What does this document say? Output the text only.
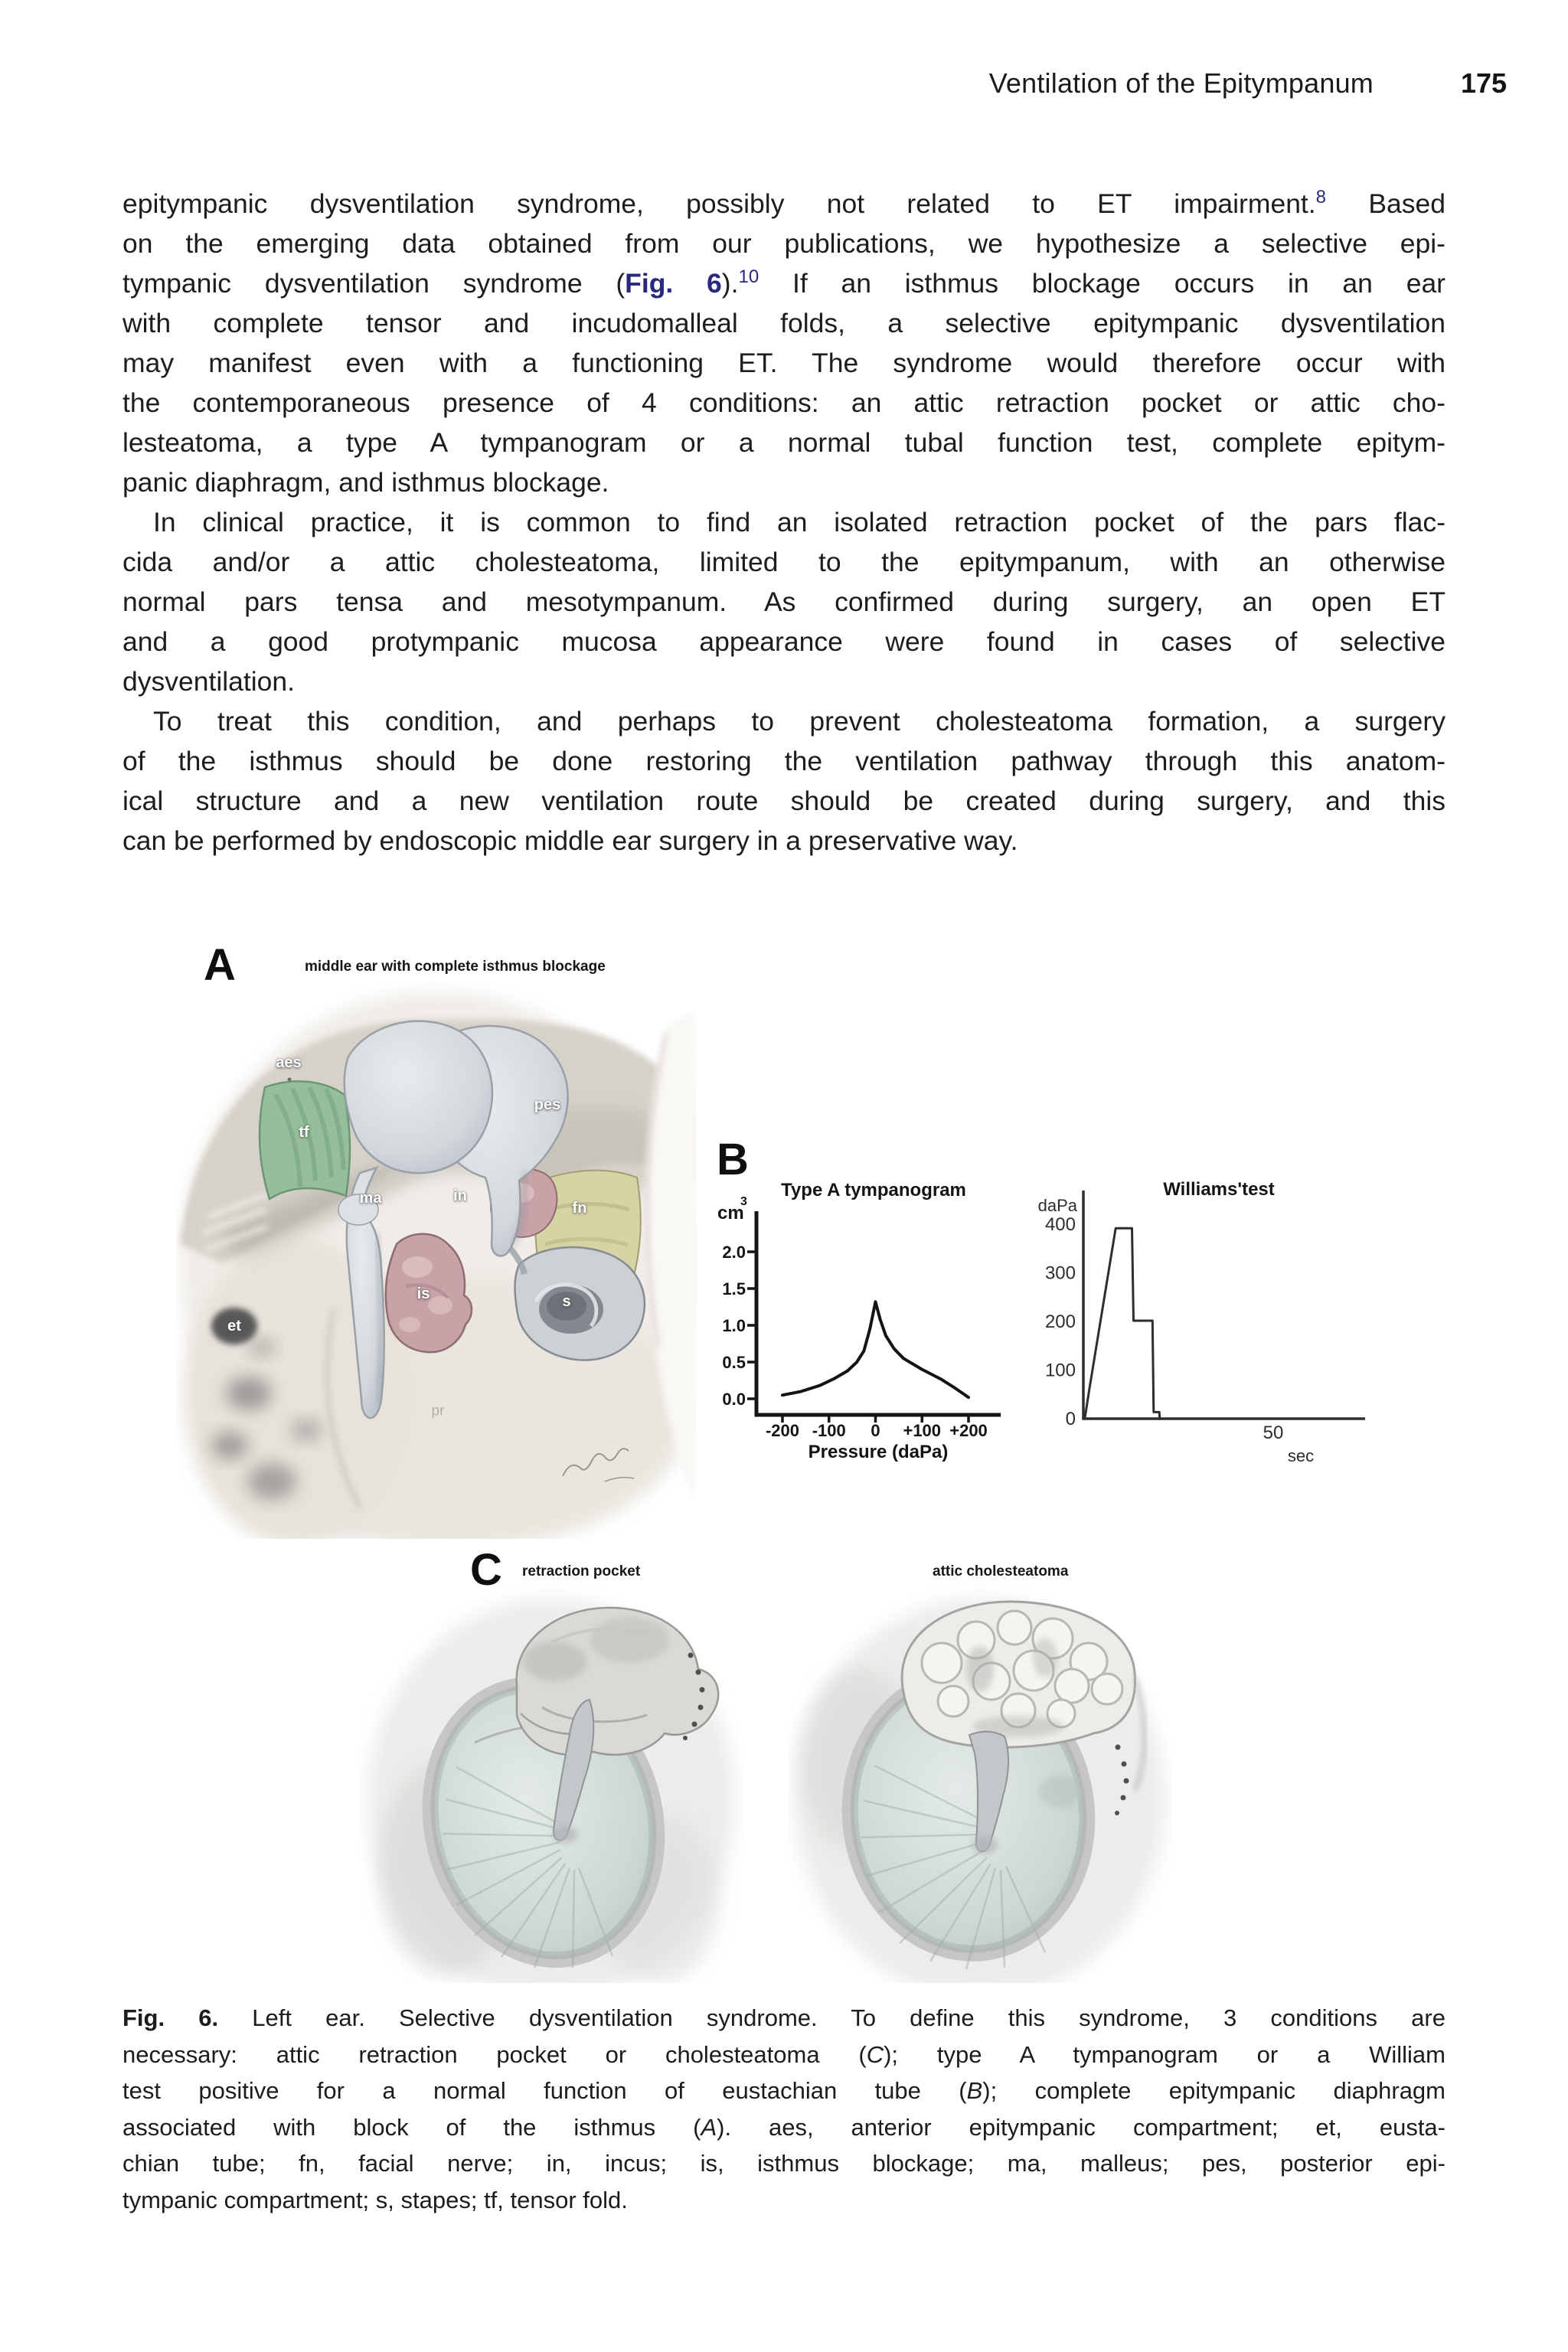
Ventilation of the Epitympanum	175
epitympanic dysventilation syndrome, possibly not related to ET impairment.$^8$ Based
on the emerging data obtained from our publications, we hypothesize a selective epi-
tympanic dysventilation syndrome (Fig. 6).$^{10}$ If an isthmus blockage occurs in an ear
with complete tensor and incudomalleal folds, a selective epitympanic dysventilation
may manifest even with a functioning ET. The syndrome would therefore occur with
the contemporaneous presence of 4 conditions: an attic retraction pocket or attic cho-
lesteatoma, a type A tympanogram or a normal tubal function test, complete epitym-
panic diaphragm, and isthmus blockage.
In clinical practice, it is common to find an isolated retraction pocket of the pars flac-
cida and/or a attic cholesteatoma, limited to the epitympanum, with an otherwise
normal pars tensa and mesotympanum. As confirmed during surgery, an open ET
and a good protympanic mucosa appearance were found in cases of selective
dysventilation.
To treat this condition, and perhaps to prevent cholesteatoma formation, a surgery
of the isthmus should be done restoring the ventilation pathway through this anatom-
ical structure and a new ventilation route should be created during surgery, and this
can be performed by endoscopic middle ear surgery in a preservative way.
A	middle ear with complete isthmus blockage
B
0.0
0.5
1.0
1.5
2.0
-200 -100 0 +100 +200
Type A tympanogram
Pressure (daPa)
cm
3
0
100
200
300
400
50
Williams'test
sec
daPa
C retraction pocket	attic cholesteatoma
Fig. 6. Left ear. Selective dysventilation syndrome. To define this syndrome, 3 conditions are
necessary: attic retraction pocket or cholesteatoma (C); type A tympanogram or a William
test positive for a normal function of eustachian tube (B); complete epitympanic diaphragm
associated with block of the isthmus (A). aes, anterior epitympanic compartment; et, eusta-
chian tube; fn, facial nerve; in, incus; is, isthmus blockage; ma, malleus; pes, posterior epi-
tympanic compartment; s, stapes; tf, tensor fold.
aes
pes
tf
ma	in
is
fn
s
et
pr
